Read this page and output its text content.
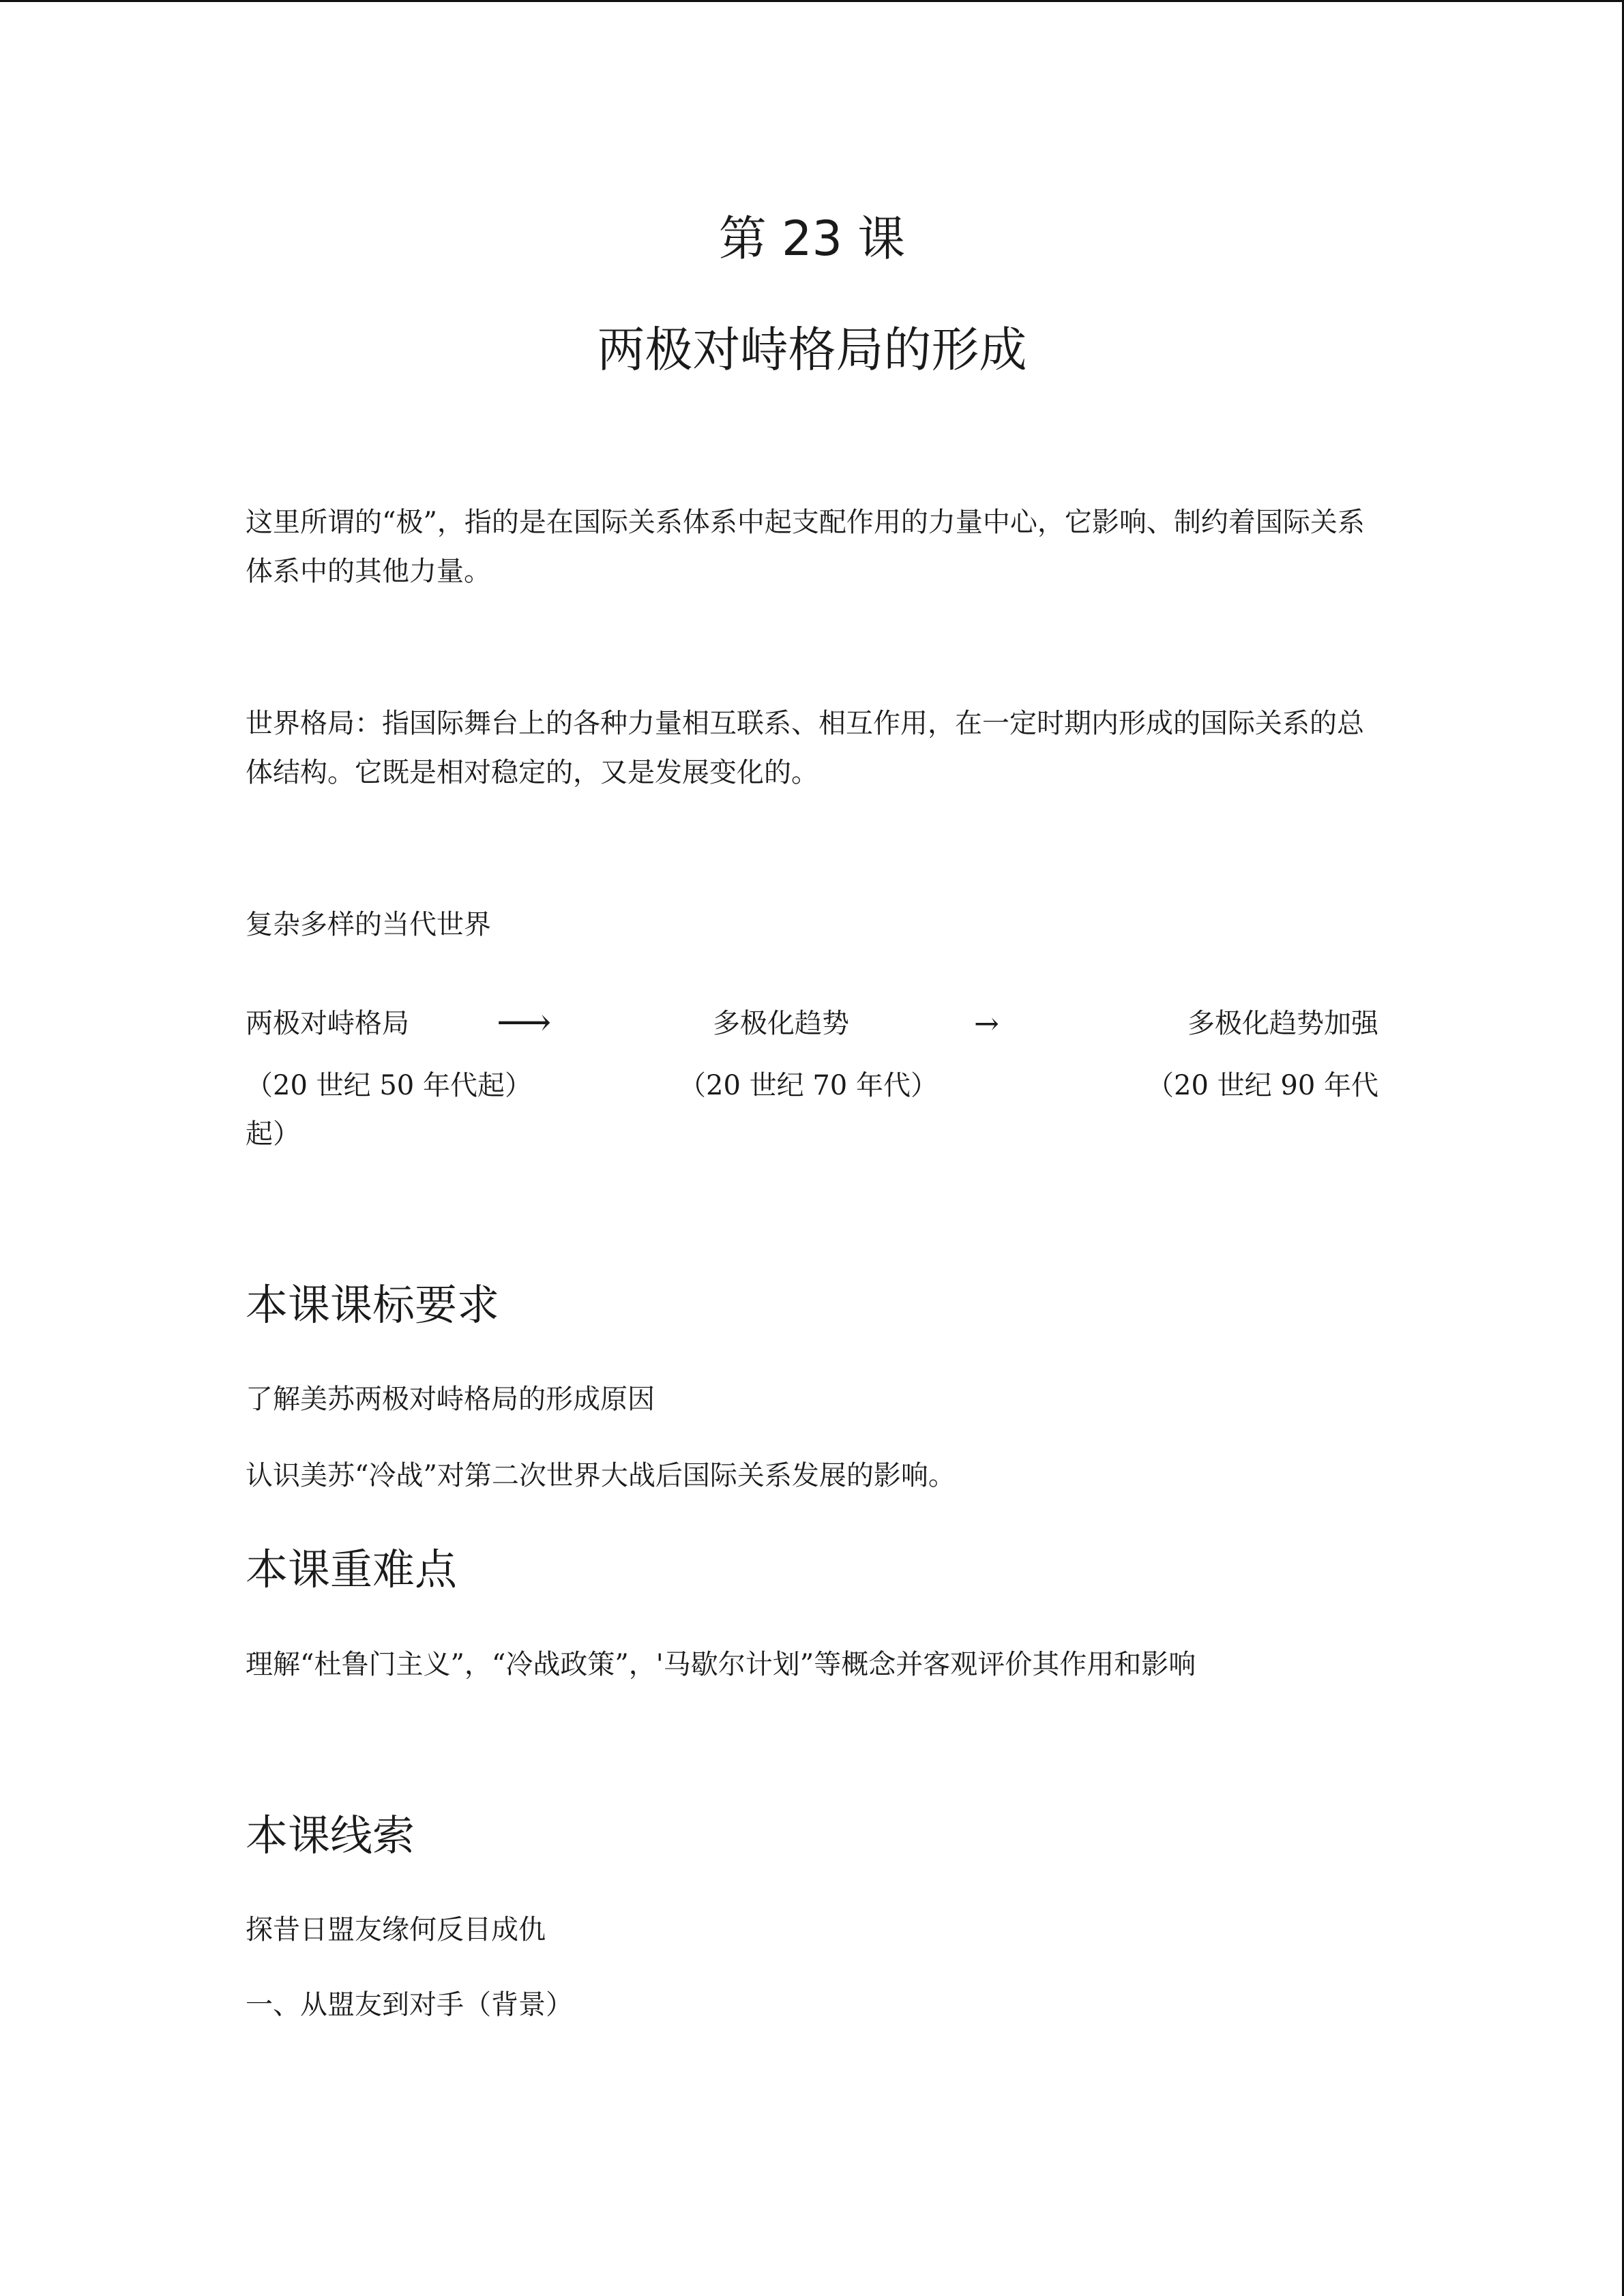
第 23 课
两极对峙格局的形成
这里所谓的“极”，指的是在国际关系体系中起支配作用的力量中心，它影响、制约着国际关系体系中的其他力量。
世界格局：指国际舞台上的各种力量相互联系、相互作用，在一定时期内形成的国际关系的总体结构。它既是相对稳定的，又是发展变化的。
复杂多样的当代世界
两极对峙格局 ⟶	多极化趋势	→	多极化趋势加强
（20 世纪 50 年代起）	（20 世纪 70 年代）	（20 世纪 90 年代
起）
本课课标要求
了解美苏两极对峙格局的形成原因
认识美苏“冷战”对第二次世界大战后国际关系发展的影响。
本课重难点
理解“杜鲁门主义”，“冷战政策”，'马歇尔计划”等概念并客观评价其作用和影响
本课线索
探昔日盟友缘何反目成仇
一、从盟友到对手（背景）
